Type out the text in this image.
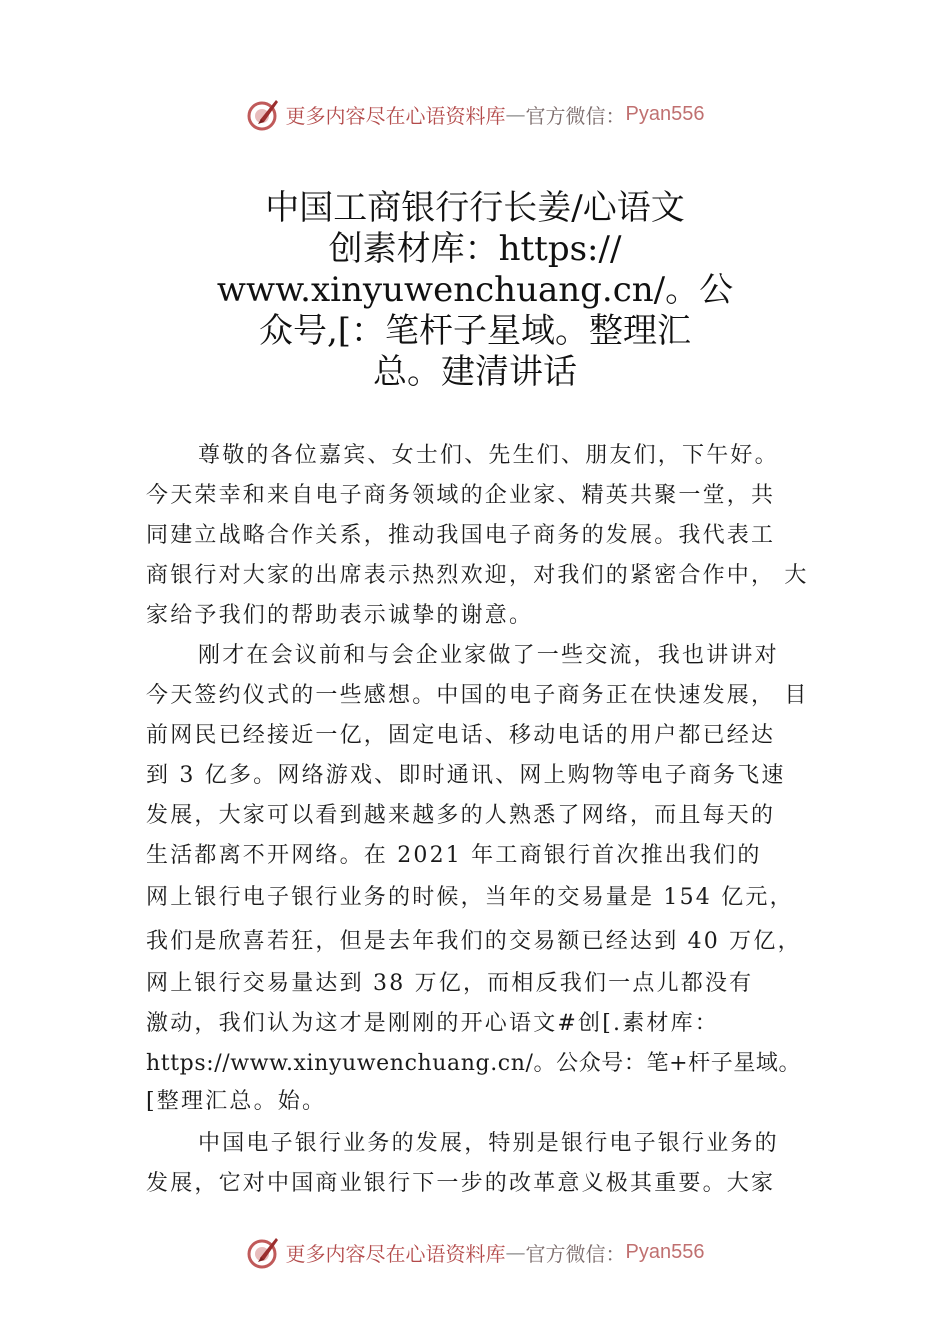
更多内容尽在心语资料库 — 官方微信： Pyan556
中国工商银行行长姜/心语文
创素材库：https://
www.xinyuwenchuang.cn/。公
众号,[：笔杆子星域。整理汇
总。建清讲话
尊敬的各位嘉宾、女士们、先生们、朋友们，下午好。
今天荣幸和来自电子商务领域的企业家、精英共聚一堂，共
同建立战略合作关系，推动我国电子商务的发展。我代表工
商银行对大家的出席表示热烈欢迎，对我们的紧密合作中， 大
家给予我们的帮助表示诚挚的谢意。
刚才在会议前和与会企业家做了一些交流，我也讲讲对
今天签约仪式的一些感想。中国的电子商务正在快速发展， 目
前网民已经接近一亿，固定电话、移动电话的用户都已经达
到 3 亿多。网络游戏、即时通讯、网上购物等电子商务飞速
发展，大家可以看到越来越多的人熟悉了网络，而且每天的
生活都离不开网络。在 2021 年工商银行首次推出我们的
网上银行电子银行业务的时候，当年的交易量是 154 亿元，
我们是欣喜若狂，但是去年我们的交易额已经达到 40 万亿，
网上银行交易量达到 38 万亿，而相反我们一点儿都没有
激动，我们认为这才是刚刚的开心语文#创[.素材库：
https://www.xinyuwenchuang.cn/。公众号：笔+杆子星域。
[整理汇总。始。
中国电子银行业务的发展，特别是银行电子银行业务的
发展，它对中国商业银行下一步的改革意义极其重要。大家
更多内容尽在心语资料库 — 官方微信： Pyan556
